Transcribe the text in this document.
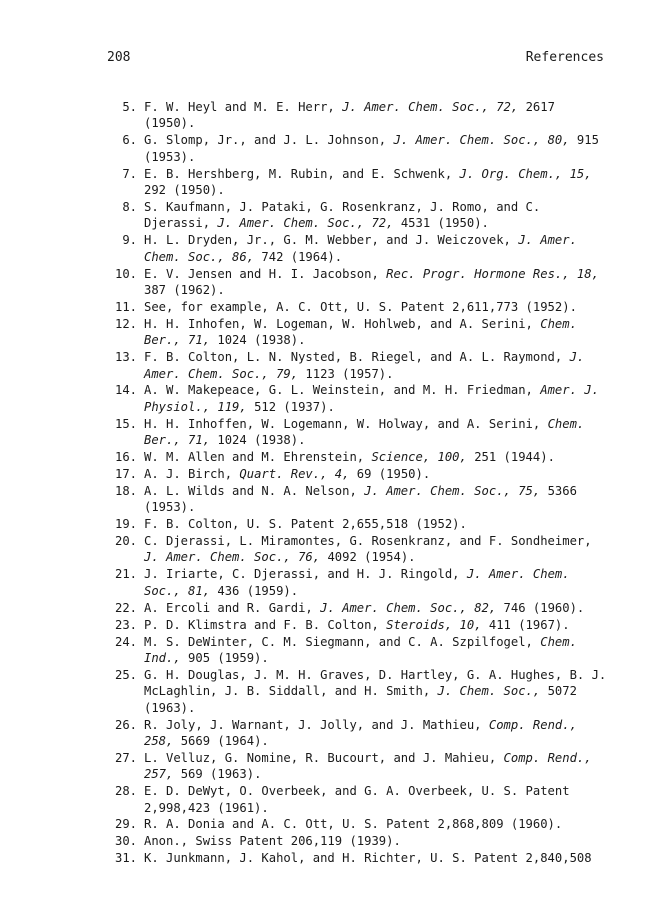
208	References
5. F. W. Heyl and M. E. Herr, J. Amer. Chem. Soc., 72, 2617 (1950).
6. G. Slomp, Jr., and J. L. Johnson, J. Amer. Chem. Soc., 80, 915 (1953).
7. E. B. Hershberg, M. Rubin, and E. Schwenk, J. Org. Chem., 15, 292 (1950).
8. S. Kaufmann, J. Pataki, G. Rosenkranz, J. Romo, and C. Djerassi, J. Amer. Chem. Soc., 72, 4531 (1950).
9. H. L. Dryden, Jr., G. M. Webber, and J. Weiczovek, J. Amer. Chem. Soc., 86, 742 (1964).
10. E. V. Jensen and H. I. Jacobson, Rec. Progr. Hormone Res., 18, 387 (1962).
11. See, for example, A. C. Ott, U. S. Patent 2,611,773 (1952).
12. H. H. Inhofen, W. Logeman, W. Hohlweb, and A. Serini, Chem. Ber., 71, 1024 (1938).
13. F. B. Colton, L. N. Nysted, B. Riegel, and A. L. Raymond, J. Amer. Chem. Soc., 79, 1123 (1957).
14. A. W. Makepeace, G. L. Weinstein, and M. H. Friedman, Amer. J. Physiol., 119, 512 (1937).
15. H. H. Inhoffen, W. Logemann, W. Holway, and A. Serini, Chem. Ber., 71, 1024 (1938).
16. W. M. Allen and M. Ehrenstein, Science, 100, 251 (1944).
17. A. J. Birch, Quart. Rev., 4, 69 (1950).
18. A. L. Wilds and N. A. Nelson, J. Amer. Chem. Soc., 75, 5366 (1953).
19. F. B. Colton, U. S. Patent 2,655,518 (1952).
20. C. Djerassi, L. Miramontes, G. Rosenkranz, and F. Sondheimer, J. Amer. Chem. Soc., 76, 4092 (1954).
21. J. Iriarte, C. Djerassi, and H. J. Ringold, J. Amer. Chem. Soc., 81, 436 (1959).
22. A. Ercoli and R. Gardi, J. Amer. Chem. Soc., 82, 746 (1960).
23. P. D. Klimstra and F. B. Colton, Steroids, 10, 411 (1967).
24. M. S. DeWinter, C. M. Siegmann, and C. A. Szpilfogel, Chem. Ind., 905 (1959).
25. G. H. Douglas, J. M. H. Graves, D. Hartley, G. A. Hughes, B. J. McLaghlin, J. B. Siddall, and H. Smith, J. Chem. Soc., 5072 (1963).
26. R. Joly, J. Warnant, J. Jolly, and J. Mathieu, Comp. Rend., 258, 5669 (1964).
27. L. Velluz, G. Nomine, R. Bucourt, and J. Mahieu, Comp. Rend., 257, 569 (1963).
28. E. D. DeWyt, O. Overbeek, and G. A. Overbeek, U. S. Patent 2,998,423 (1961).
29. R. A. Donia and A. C. Ott, U. S. Patent 2,868,809 (1960).
30. Anon., Swiss Patent 206,119 (1939).
31. K. Junkmann, J. Kahol, and H. Richter, U. S. Patent 2,840,508
